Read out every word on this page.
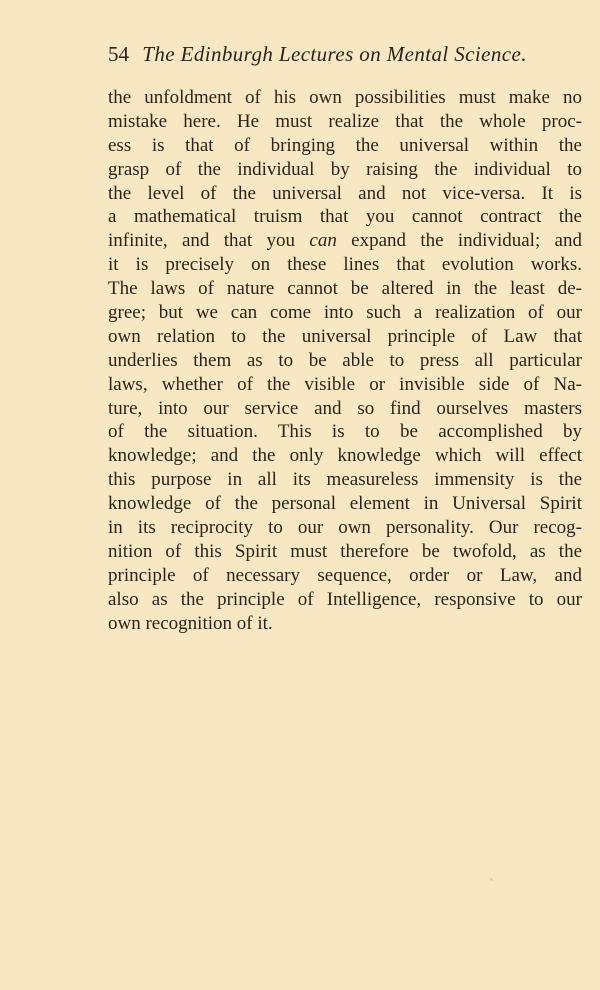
54 The Edinburgh Lectures on Mental Science.
the unfoldment of his own possibilities must make no
mistake here. He must realize that the whole proc-
ess is that of bringing the universal within the
grasp of the individual by raising the individual to
the level of the universal and not vice-versa. It is
a mathematical truism that you cannot contract the
infinite, and that you can expand the individual; and
it is precisely on these lines that evolution works.
The laws of nature cannot be altered in the least de-
gree; but we can come into such a realization of our
own relation to the universal principle of Law that
underlies them as to be able to press all particular
laws, whether of the visible or invisible side of Na-
ture, into our service and so find ourselves masters
of the situation. This is to be accomplished by
knowledge; and the only knowledge which will effect
this purpose in all its measureless immensity is the
knowledge of the personal element in Universal Spirit
in its reciprocity to our own personality. Our recog-
nition of this Spirit must therefore be twofold, as the
principle of necessary sequence, order or Law, and
also as the principle of Intelligence, responsive to our
own recognition of it.
